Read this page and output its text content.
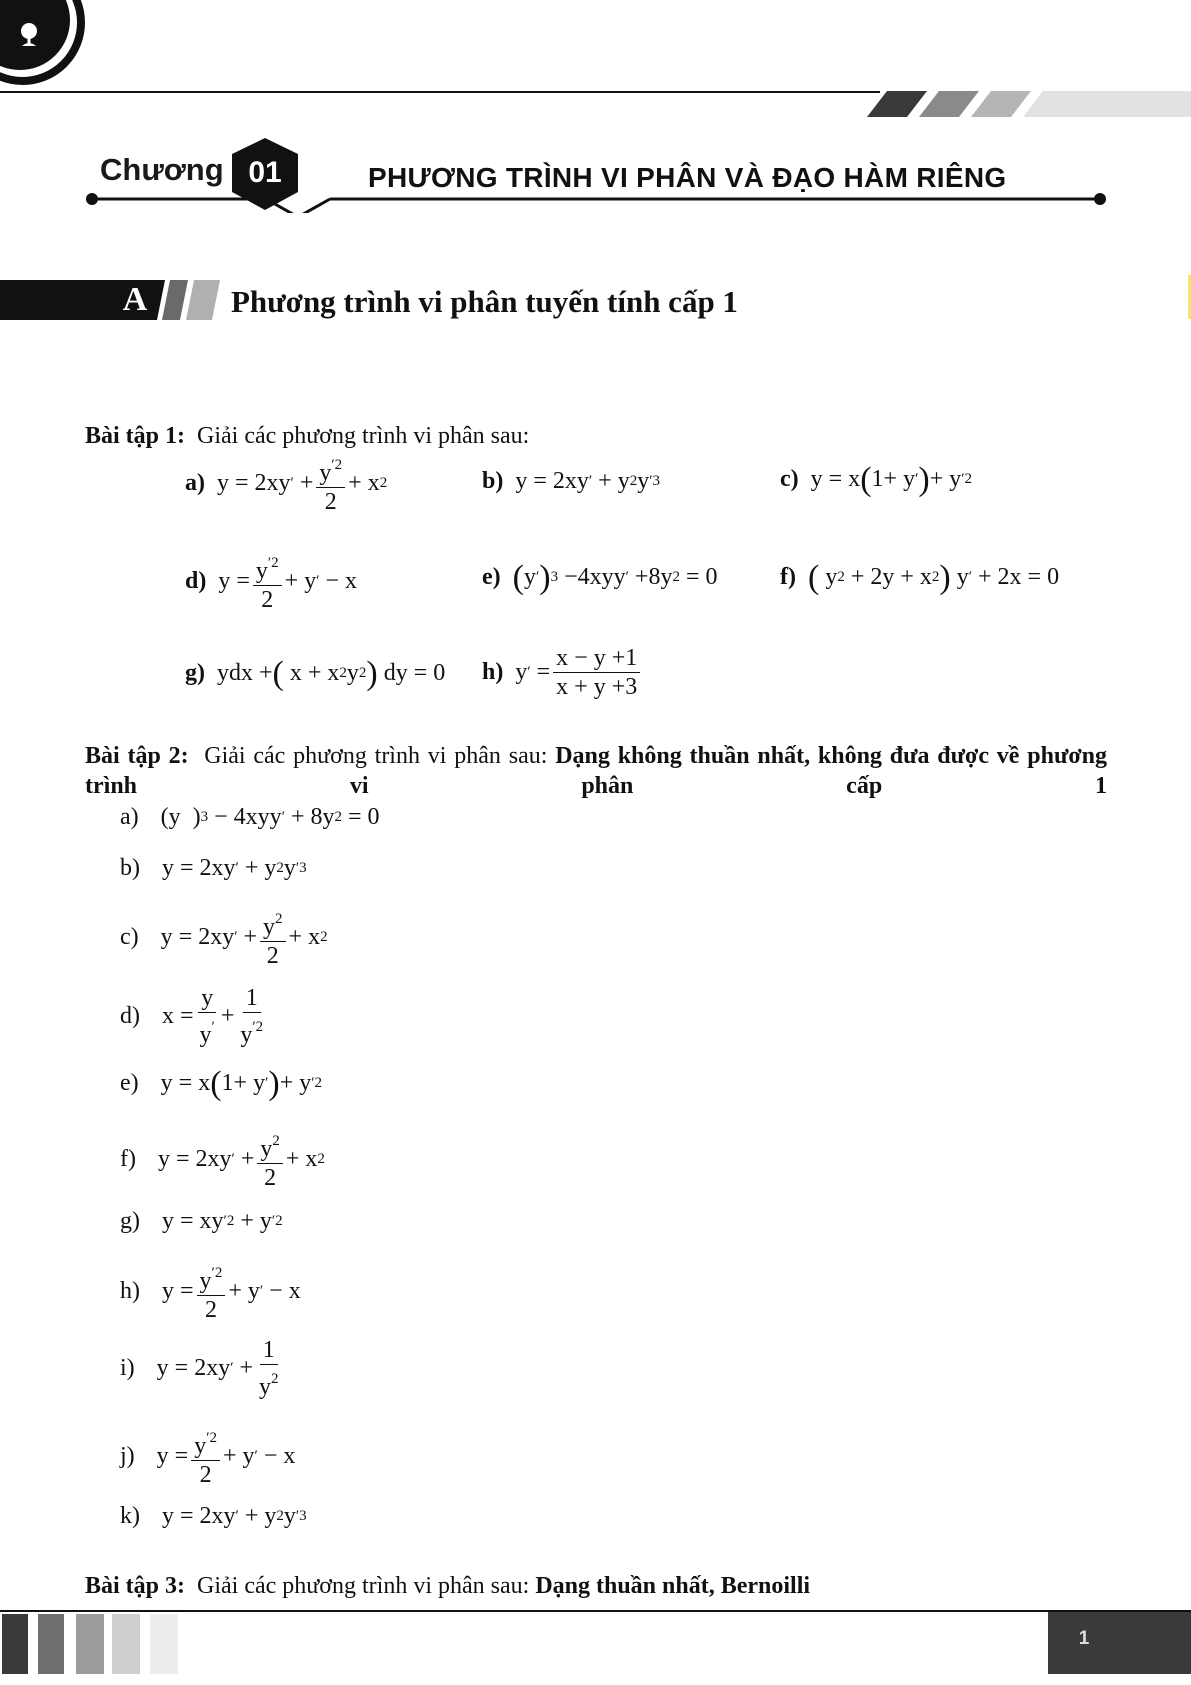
Chương 01	PHƯƠNG TRÌNH VI PHÂN VÀ ĐẠO HÀM RIÊNG
A	Phương trình vi phân tuyến tính cấp 1
Bài tập 1: Giải các phương trình vi phân sau:
a) y = 2xy ′ + $\frac{y^{'2}}{2} + x$ 2	b) y = 2xy ′ + y 2 y ′3	c) y = x ( 1+ y ′ ) + y ′2
d) $y = \frac{y^{'2}}{2} + y$ ′ − x	e) ( y ′ ) 3 −4xyy ′ +8y 2 = 0	f) ( y 2 + 2y + x 2 ) y ′ + 2x = 0
g) ydx + ( x + x 2 y 2 ) dy = 0 h) y ′ = $\frac{x - y +1}{x + y +3}$
Bài tập 2: Giải các phương trình vi phân sau: Dạng không thuần nhất, không đưa được về phương trình vi phân cấp 1
a) (y  ) 3 − 4xyy ′ + 8y 2 = 0
b) y = 2xy ′ + y 2 y ′3
c) y = 2xy ′ + $\frac{y^2}{2} + x$ 2
d) $x = \frac{y}{y'} + \frac{1}{y^{'2}}$
e) y = x ( 1+ y ′ ) + y ′2
f) y = 2xy ′ + $\frac{y^2}{2} + x$ 2
g) y = xy ′2 + y ′2
h) $y = \frac{y^{'2}}{2} + y$ ′ − x
i) y = 2xy ′ + $\frac{1}{y^2}$
j) $y = \frac{y^{'2}}{2} + y$ ′ − x
k) y = 2xy ′ + y 2 y ′3
Bài tập 3: Giải các phương trình vi phân sau: Dạng thuần nhất, Bernoilli
1
